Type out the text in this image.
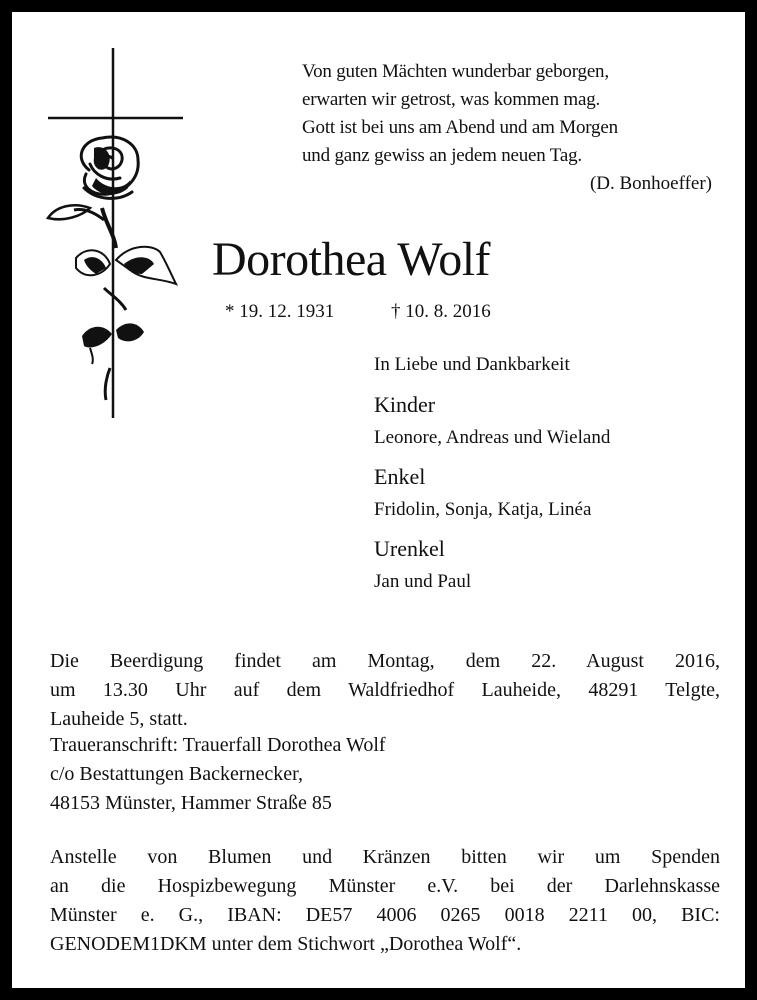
Von guten Mächten wunderbar geborgen,
erwarten wir getrost, was kommen mag.
Gott ist bei uns am Abend und am Morgen
und ganz gewiss an jedem neuen Tag.
(D. Bonhoeffer)
Dorothea Wolf
* 19. 12. 1931	† 10. 8. 2016
In Liebe und Dankbarkeit
Kinder
Leonore, Andreas und Wieland
Enkel
Fridolin, Sonja, Katja, Linéa
Urenkel
Jan und Paul
Die Beerdigung findet am Montag, dem 22. August 2016,
um 13.30 Uhr auf dem Waldfriedhof Lauheide, 48291 Telgte,
Lauheide 5, statt.
Traueranschrift: Trauerfall Dorothea Wolf
c/o Bestattungen Backernecker,
48153 Münster, Hammer Straße 85
Anstelle von Blumen und Kränzen bitten wir um Spenden
an die Hospizbewegung Münster e.V. bei der Darlehnskasse
Münster e. G., IBAN: DE57 4006 0265 0018 2211 00, BIC:
GENODEM1DKM unter dem Stichwort „Dorothea Wolf“.
